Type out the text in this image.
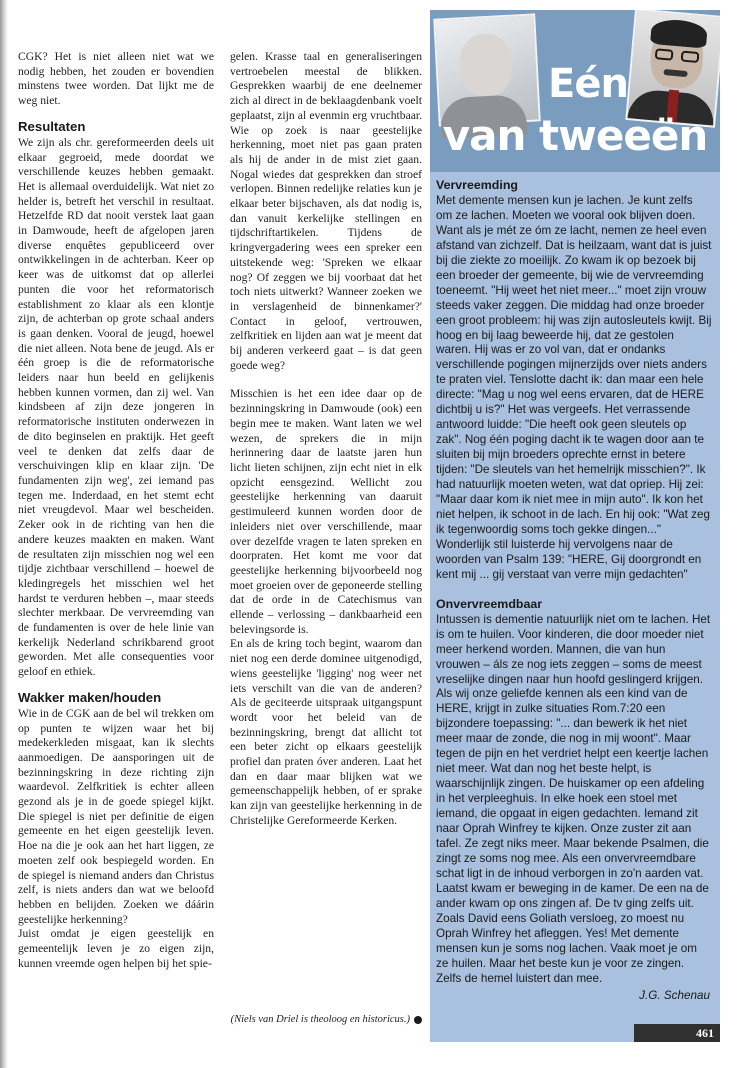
CGK? Het is niet alleen niet wat we nodig hebben, het zouden er bovendien minstens twee worden. Dat lijkt me de weg niet.

Resultaten

We zijn als chr. gereformeerden deels uit elkaar gegroeid, mede doordat we verschillende keuzes hebben gemaakt. Het is allemaal overduidelijk. Wat niet zo helder is, betreft het verschil in resultaat. Hetzelfde RD dat nooit verstek laat gaan in Damwoude, heeft de afgelopen jaren diverse enquêtes gepubliceerd over ontwikkelingen in de achterban. Keer op keer was de uitkomst dat op allerlei punten die voor het reformatorisch establishment zo klaar als een klontje zijn, de achterban op grote schaal anders is gaan denken. Vooral de jeugd, hoewel die niet alleen. Nota bene de jeugd. Als er één groep is die de reformatorische leiders naar hun beeld en gelijkenis hebben kunnen vormen, dan zij wel. Van kindsbeen af zijn deze jongeren in reformatorische instituten onderwezen in de dito beginselen en praktijk. Het geeft veel te denken dat zelfs daar de verschuivingen klip en klaar zijn. 'De fundamenten zijn weg', zei iemand pas tegen me. Inderdaad, en het stemt echt niet vreugdevol. Maar wel bescheiden. Zeker ook in de richting van hen die andere keuzes maakten en maken. Want de resultaten zijn misschien nog wel een tijdje zichtbaar verschillend – hoewel de kledingregels het misschien wel het hardst te verduren hebben –, maar steeds slechter merkbaar. De vervreemding van de fundamenten is over de hele linie van kerkelijk Nederland schrikbarend groot geworden. Met alle consequenties voor geloof en ethiek.

Wakker maken/houden

Wie in de CGK aan de bel wil trekken om op punten te wijzen waar het bij medekerkleden misgaat, kan ik slechts aanmoedigen. De aansporingen uit de bezinningskring in deze richting zijn waardevol. Zelfkritiek is echter alleen gezond als je in de goede spiegel kijkt. Die spiegel is niet per definitie de eigen gemeente en het eigen geestelijk leven. Hoe na die je ook aan het hart liggen, ze moeten zelf ook bespiegeld worden. En de spiegel is niemand anders dan Christus zelf, is niets anders dan wat we beloofd hebben en belijden. Zoeken we dáárin geestelijke herkenning?

Juist omdat je eigen geestelijk en gemeentelijk leven je zo eigen zijn, kunnen vreemde ogen helpen bij het spie-

gelen. Krasse taal en generaliseringen vertroebelen meestal de blikken. Gesprekken waarbij de ene deelnemer zich al direct in de beklaagdenbank voelt geplaatst, zijn al evenmin erg vruchtbaar. Wie op zoek is naar geestelijke herkenning, moet niet pas gaan praten als hij de ander in de mist ziet gaan. Nogal wiedes dat gesprekken dan stroef verlopen. Binnen redelijke relaties kun je elkaar beter bijschaven, als dat nodig is, dan vanuit kerkelijke stellingen en tijdschriftartikelen. Tijdens de kringvergadering wees een spreker een uitstekende weg: 'Spreken we elkaar nog? Of zeggen we bij voorbaat dat het toch niets uitwerkt? Wanneer zoeken we in verslagenheid de binnenkamer?' Contact in geloof, vertrouwen, zelfkritiek en lijden aan wat je meent dat bij anderen verkeerd gaat – is dat geen goede weg?

Misschien is het een idee daar op de bezinningskring in Damwoude (ook) een begin mee te maken. Want laten we wel wezen, de sprekers die in mijn herinnering daar de laatste jaren hun licht lieten schijnen, zijn echt niet in elk opzicht eensgezind. Wellicht zou geestelijke herkenning van daaruit gestimuleerd kunnen worden door de inleiders niet over verschillende, maar over dezelfde vragen te laten spreken en doorpraten. Het komt me voor dat geestelijke herkenning bijvoorbeeld nog moet groeien over de geponeerde stelling dat de orde in de Catechismus van ellende – verlossing – dankbaarheid een belevingsorde is.

En als de kring toch begint, waarom dan niet nog een derde dominee uitgenodigd, wiens geestelijke 'ligging' nog weer net iets verschilt van die van de anderen? Als de geciteerde uitspraak uitgangspunt wordt voor het beleid van de bezinningskring, brengt dat allicht tot een beter zicht op elkaars geestelijk profiel dan praten óver anderen. Laat het dan en daar maar blijken wat we gemeenschappelijk hebben, of er sprake kan zijn van geestelijke herkenning in de Christelijke Gereformeerde Kerken.

(Niels van Driel is theoloog en historicus.)
Eén
van tweeën
Vervreemding

Met demente mensen kun je lachen. Je kunt zelfs om ze lachen. Moeten we vooral ook blijven doen. Want als je mét ze óm ze lacht, nemen ze heel even afstand van zichzelf. Dat is heilzaam, want dat is juist bij die ziekte zo moeilijk. Zo kwam ik op bezoek bij een broeder der gemeente, bij wie de vervreemding toeneemt. "Hij weet het niet meer..." moet zijn vrouw steeds vaker zeggen. Die middag had onze broeder een groot probleem: hij was zijn autosleutels kwijt. Bij hoog en bij laag beweerde hij, dat ze gestolen waren. Hij was er zo vol van, dat er ondanks verschillende pogingen mijnerzijds over niets anders te praten viel. Tenslotte dacht ik: dan maar een hele directe: "Mag u nog wel eens ervaren, dat de HERE dichtbij u is?" Het was vergeefs. Het verrassende antwoord luidde: "Die heeft ook geen sleutels op zak". Nog één poging dacht ik te wagen door aan te sluiten bij mijn broeders oprechte ernst in betere tijden: "De sleutels van het hemelrijk misschien?". Ik had natuurlijk moeten weten, wat dat opriep. Hij zei: "Maar daar kom ik niet mee in mijn auto". Ik kon het niet helpen, ik schoot in de lach. En hij ook: "Wat zeg ik tegenwoordig soms toch gekke dingen..." Wonderlijk stil luisterde hij vervolgens naar de woorden van Psalm 139: "HERE, Gij doorgrondt en kent mij ... gij verstaat van verre mijn gedachten"

Onvervreemdbaar

Intussen is dementie natuurlijk niet om te lachen. Het is om te huilen. Voor kinderen, die door moeder niet meer herkend worden. Mannen, die van hun vrouwen – áls ze nog iets zeggen – soms de meest vreselijke dingen naar hun hoofd geslingerd krijgen. Als wij onze geliefde kennen als een kind van de HERE, krijgt in zulke situaties Rom.7:20 een bijzondere toepassing: "... dan bewerk ik het niet meer maar de zonde, die nog in mij woont". Maar tegen de pijn en het verdriet helpt een keertje lachen niet meer. Wat dan nog het beste helpt, is waarschijnlijk zingen. De huiskamer op een afdeling in het verpleeghuis. In elke hoek een stoel met iemand, die opgaat in eigen gedachten. Iemand zit naar Oprah Winfrey te kijken. Onze zuster zit aan tafel. Ze zegt niks meer. Maar bekende Psalmen, die zingt ze soms nog mee. Als een onvervreemdbare schat ligt in de inhoud verborgen in zo'n aarden vat. Laatst kwam er beweging in de kamer. De een na de ander kwam op ons zingen af. De tv ging zelfs uit. Zoals David eens Goliath versloeg, zo moest nu Oprah Winfrey het afleggen. Yes! Met demente mensen kun je soms nog lachen. Vaak moet je om ze huilen. Maar het beste kun je voor ze zingen. Zelfs de hemel luistert dan mee.

J.G. Schenau
461
